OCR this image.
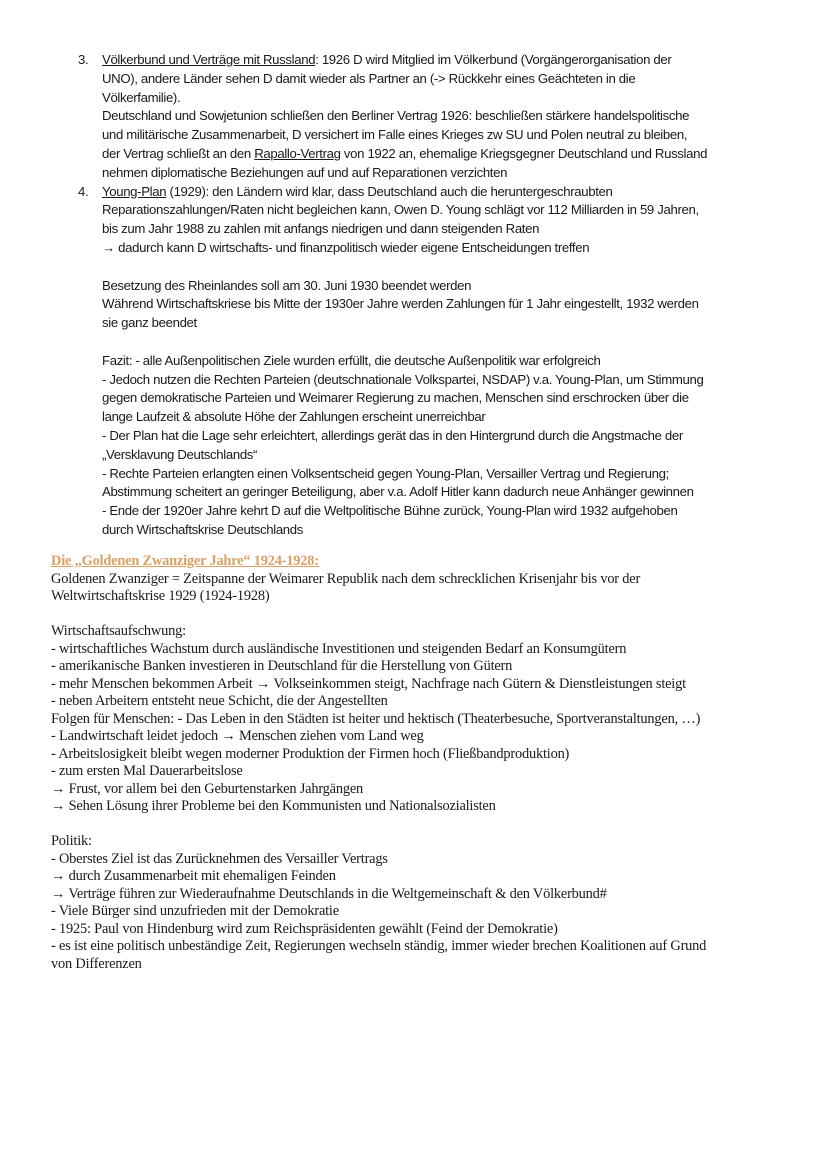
3. Völkerbund und Verträge mit Russland: 1926 D wird Mitglied im Völkerbund (Vorgängerorganisation der
UNO), andere Länder sehen D damit wieder als Partner an (-> Rückkehr eines Geächteten in die
Völkerfamilie).
Deutschland und Sowjetunion schließen den Berliner Vertrag 1926: beschließen stärkere handelspolitische
und militärische Zusammenarbeit, D versichert im Falle eines Krieges zw SU und Polen neutral zu bleiben,
der Vertrag schließt an den Rapallo-Vertrag von 1922 an, ehemalige Kriegsgegner Deutschland und Russland
nehmen diplomatische Beziehungen auf und auf Reparationen verzichten
4. Young-Plan (1929): den Ländern wird klar, dass Deutschland auch die heruntergeschraubten
Reparationszahlungen/Raten nicht begleichen kann, Owen D. Young schlägt vor 112 Milliarden in 59 Jahren,
bis zum Jahr 1988 zu zahlen mit anfangs niedrigen und dann steigenden Raten
→ dadurch kann D wirtschafts- und finanzpolitisch wieder eigene Entscheidungen treffen
Besetzung des Rheinlandes soll am 30. Juni 1930 beendet werden
Während Wirtschaftskriese bis Mitte der 1930er Jahre werden Zahlungen für 1 Jahr eingestellt, 1932 werden
sie ganz beendet
Fazit: - alle Außenpolitischen Ziele wurden erfüllt, die deutsche Außenpolitik war erfolgreich
- Jedoch nutzen die Rechten Parteien (deutschnationale Volkspartei, NSDAP) v.a. Young-Plan, um Stimmung
gegen demokratische Parteien und Weimarer Regierung zu machen, Menschen sind erschrocken über die
lange Laufzeit & absolute Höhe der Zahlungen erscheint unerreichbar
- Der Plan hat die Lage sehr erleichtert, allerdings gerät das in den Hintergrund durch die Angstmache der
„Versklavung Deutschlands“
- Rechte Parteien erlangten einen Volksentscheid gegen Young-Plan, Versailler Vertrag und Regierung;
Abstimmung scheitert an geringer Beteiligung, aber v.a. Adolf Hitler kann dadurch neue Anhänger gewinnen
- Ende der 1920er Jahre kehrt D auf die Weltpolitische Bühne zurück, Young-Plan wird 1932 aufgehoben
durch Wirtschaftskrise Deutschlands
Die „Goldenen Zwanziger Jahre“ 1924-1928:
Goldenen Zwanziger = Zeitspanne der Weimarer Republik nach dem schrecklichen Krisenjahr bis vor der
Weltwirtschaftskrise 1929 (1924-1928)
Wirtschaftsaufschwung:
- wirtschaftliches Wachstum durch ausländische Investitionen und steigenden Bedarf an Konsumgütern
- amerikanische Banken investieren in Deutschland für die Herstellung von Gütern
- mehr Menschen bekommen Arbeit → Volkseinkommen steigt, Nachfrage nach Gütern & Dienstleistungen steigt
- neben Arbeitern entsteht neue Schicht, die der Angestellten
Folgen für Menschen: - Das Leben in den Städten ist heiter und hektisch (Theaterbesuche, Sportveranstaltungen, …)
- Landwirtschaft leidet jedoch → Menschen ziehen vom Land weg
- Arbeitslosigkeit bleibt wegen moderner Produktion der Firmen hoch (Fließbandproduktion)
- zum ersten Mal Dauerarbeitslose
→ Frust, vor allem bei den Geburtenstarken Jahrgängen
→ Sehen Lösung ihrer Probleme bei den Kommunisten und Nationalsozialisten
Politik:
- Oberstes Ziel ist das Zurücknehmen des Versailler Vertrags
→ durch Zusammenarbeit mit ehemaligen Feinden
→ Verträge führen zur Wiederaufnahme Deutschlands in die Weltgemeinschaft & den Völkerbund#
- Viele Bürger sind unzufrieden mit der Demokratie
- 1925: Paul von Hindenburg wird zum Reichspräsidenten gewählt (Feind der Demokratie)
- es ist eine politisch unbeständige Zeit, Regierungen wechseln ständig, immer wieder brechen Koalitionen auf Grund
von Differenzen
